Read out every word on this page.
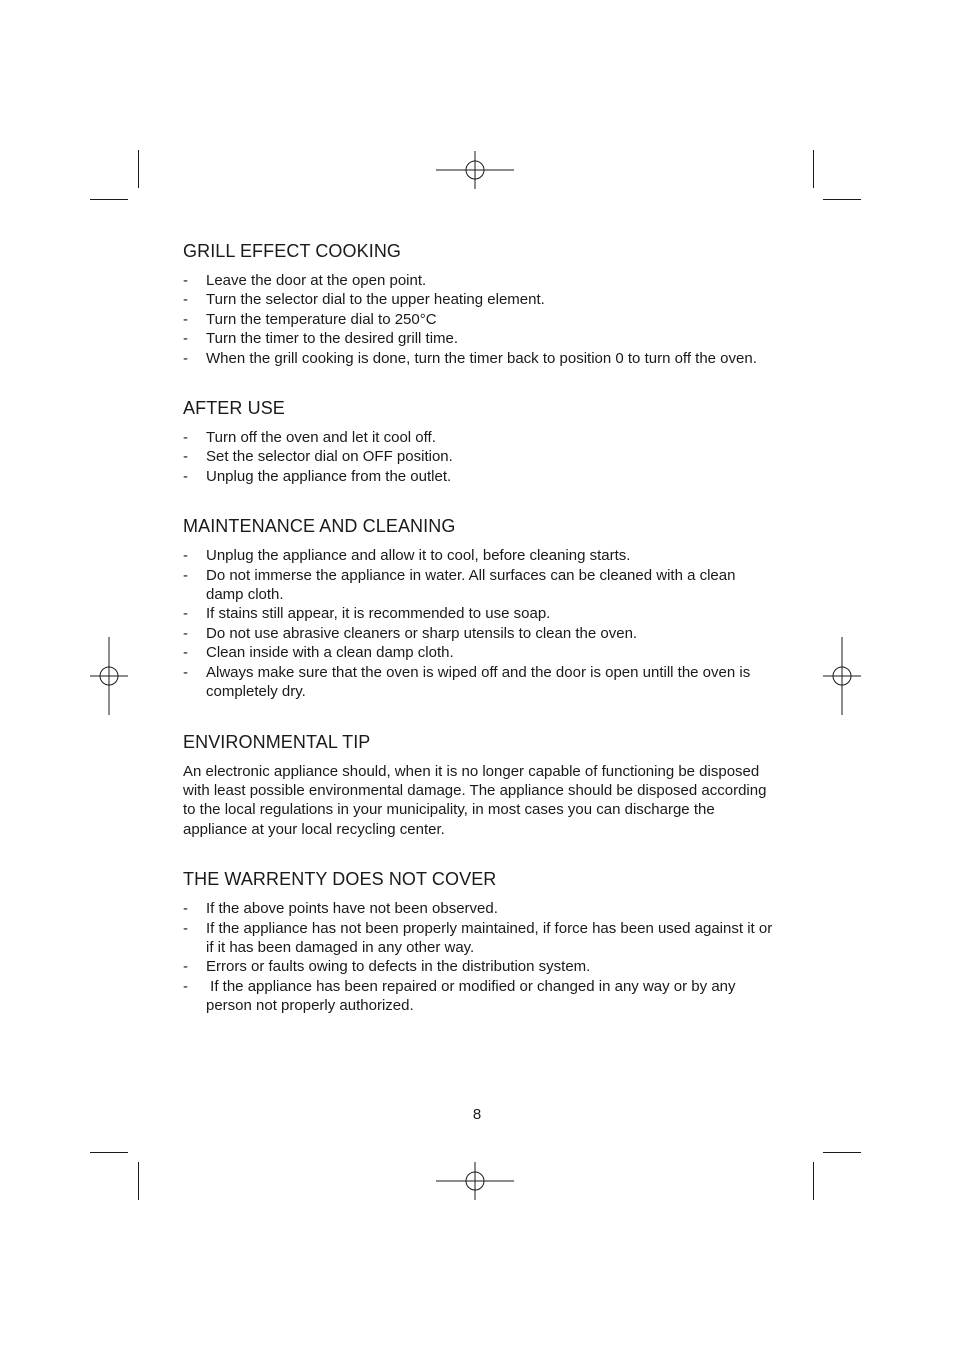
GRILL EFFECT COOKING
- Leave the door at the open point.
- Turn the selector dial to the upper heating element.
- Turn the temperature dial to 250°C
- Turn the timer to the desired grill time.
- When the grill cooking is done, turn the timer back to position 0 to turn off the oven.
AFTER USE
- Turn off the oven and let it cool off.
- Set the selector dial on OFF position.
- Unplug the appliance from the outlet.
MAINTENANCE AND CLEANING
- Unplug the appliance and allow it to cool, before cleaning starts.
- Do not immerse the appliance in water. All surfaces can be cleaned with a clean damp cloth.
- If stains still appear, it is recommended to use soap.
- Do not use abrasive cleaners or sharp utensils to clean the oven.
- Clean inside with a clean damp cloth.
- Always make sure that the oven is wiped off and the door is open untill the oven is completely dry.
ENVIRONMENTAL TIP

An electronic appliance should, when it is no longer capable of functioning be disposed with least possible environmental damage. The appliance should be disposed according to the local regulations in your municipality, in most cases you can discharge the appliance at your local recycling center.

THE WARRENTY DOES NOT COVER
- If the above points have not been observed.
- If the appliance has not been properly maintained, if force has been used against it or if it has been damaged in any other way.
- Errors or faults owing to defects in the distribution system.
- If the appliance has been repaired or modified or changed in any way or by any person not properly authorized.
8
